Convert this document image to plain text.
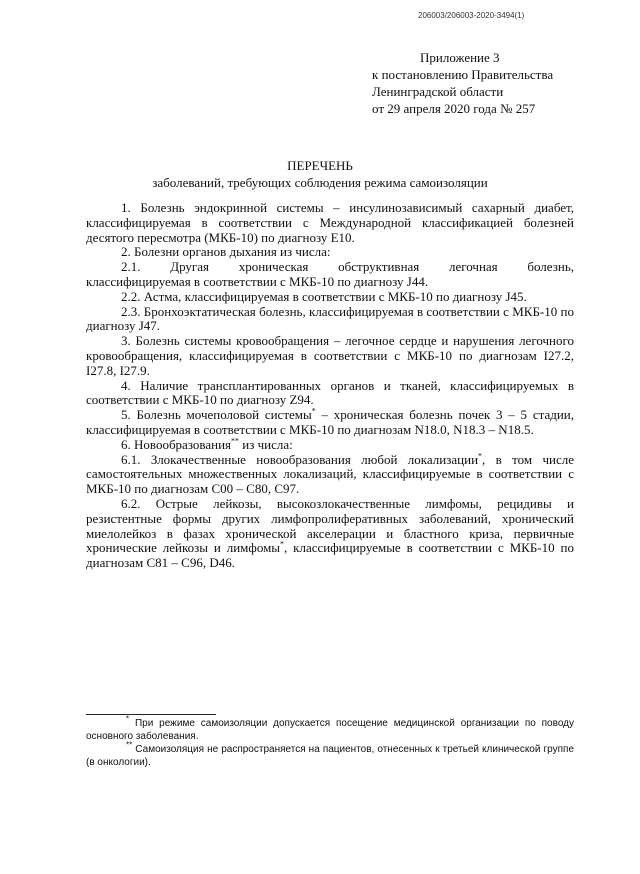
206003/206003-2020-3494(1)
Приложение 3
к постановлению Правительства
Ленинградской области
от 29 апреля 2020 года № 257
ПЕРЕЧЕНЬ
заболеваний, требующих соблюдения режима самоизоляции

1. Болезнь эндокринной системы – инсулинозависимый сахарный диабет, классифицируемая в соответствии с Международной классификацией болезней десятого пересмотра (МКБ-10) по диагнозу Е10.

2. Болезни органов дыхания из числа:

2.1. Другая хроническая обструктивная легочная болезнь,

классифицируемая в соответствии с МКБ-10 по диагнозу J44.

2.2. Астма, классифицируемая в соответствии с МКБ-10 по диагнозу J45.

2.3. Бронхоэктатическая болезнь, классифицируемая в соответствии с МКБ-10 по диагнозу J47.

3. Болезнь системы кровообращения – легочное сердце и нарушения легочного кровообращения, классифицируемая в соответствии с МКБ-10 по диагнозам I27.2, I27.8, I27.9.

4. Наличие трансплантированных органов и тканей, классифицируемых в соответствии с МКБ-10 по диагнозу Z94.

5. Болезнь мочеполовой системы* – хроническая болезнь почек 3 – 5 стадии, классифицируемая в соответствии с МКБ-10 по диагнозам N18.0, N18.3 – N18.5.

6. Новообразования** из числа:

6.1. Злокачественные новообразования любой локализации*, в том числе самостоятельных множественных локализаций, классифицируемые в соответствии с МКБ-10 по диагнозам С00 – С80, С97.

6.2. Острые лейкозы, высокозлокачественные лимфомы, рецидивы и резистентные формы других лимфопролиферативных заболеваний, хронический миелолейкоз в фазах хронической акселерации и бластного криза, первичные хронические лейкозы и лимфомы*, классифицируемые в соответствии с МКБ-10 по диагнозам С81 – С96, D46.

* При режиме самоизоляции допускается посещение медицинской организации по поводу основного заболевания.

** Самоизоляция не распространяется на пациентов, отнесенных к третьей клинической группе (в онкологии).
